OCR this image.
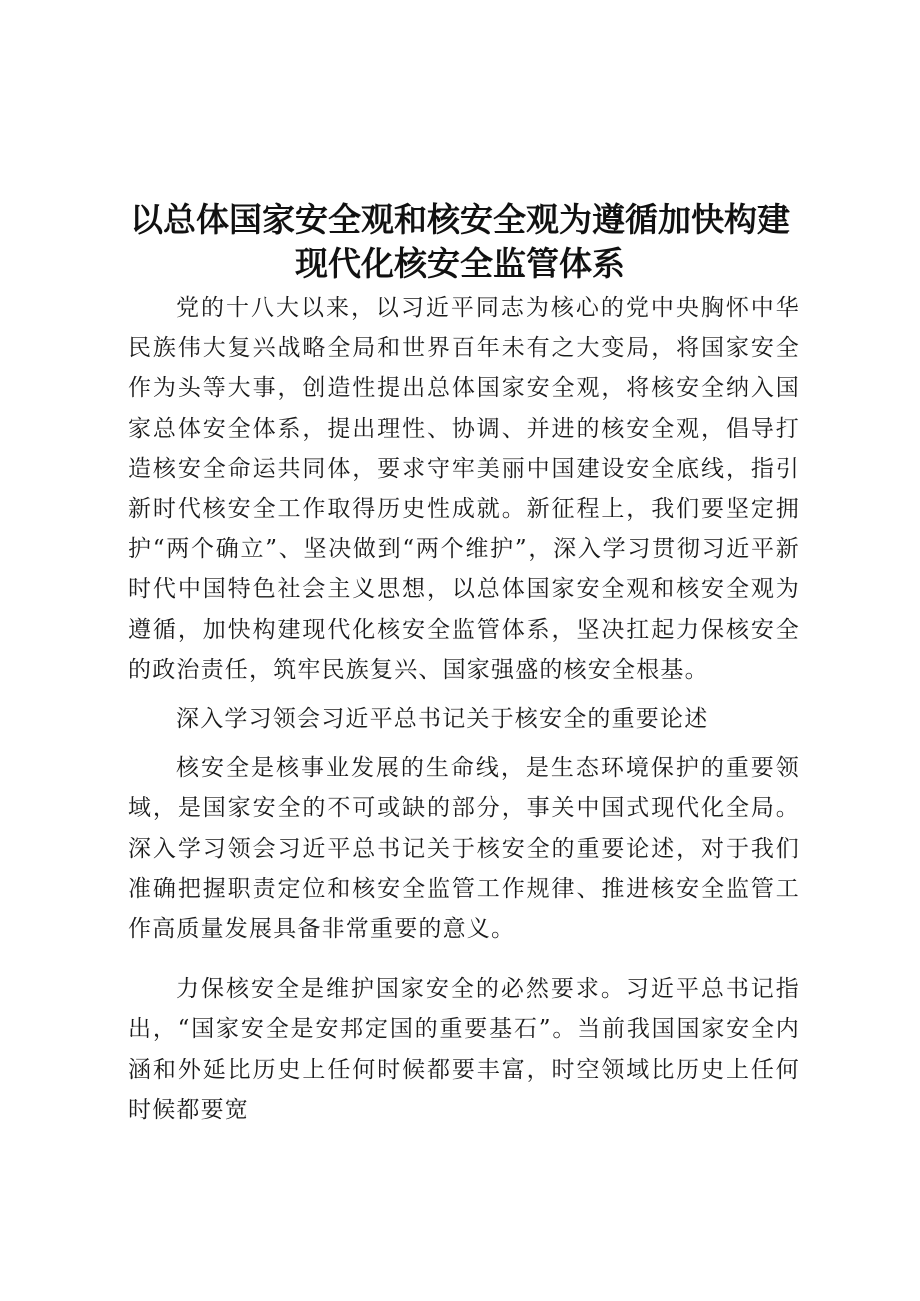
以总体国家安全观和核安全观为遵循加快构建
现代化核安全监管体系

党的十八大以来，以习近平同志为核心的党中央胸怀中华民族伟大复兴战略全局和世界百年未有之大变局，将国家安全作为头等大事，创造性提出总体国家安全观，将核安全纳入国家总体安全体系，提出理性、协调、并进的核安全观，倡导打造核安全命运共同体，要求守牢美丽中国建设安全底线，指引新时代核安全工作取得历史性成就。新征程上，我们要坚定拥护“两个确立”、坚决做到“两个维护”，深入学习贯彻习近平新时代中国特色社会主义思想，以总体国家安全观和核安全观为遵循，加快构建现代化核安全监管体系，坚决扛起力保核安全的政治责任，筑牢民族复兴、国家强盛的核安全根基。

深入学习领会习近平总书记关于核安全的重要论述

核安全是核事业发展的生命线，是生态环境保护的重要领域，是国家安全的不可或缺的部分，事关中国式现代化全局。深入学习领会习近平总书记关于核安全的重要论述，对于我们准确把握职责定位和核安全监管工作规律、推进核安全监管工作高质量发展具备非常重要的意义。

力保核安全是维护国家安全的必然要求。习近平总书记指出，“国家安全是安邦定国的重要基石”。当前我国国家安全内涵和外延比历史上任何时候都要丰富，时空领域比历史上任何时候都要宽
